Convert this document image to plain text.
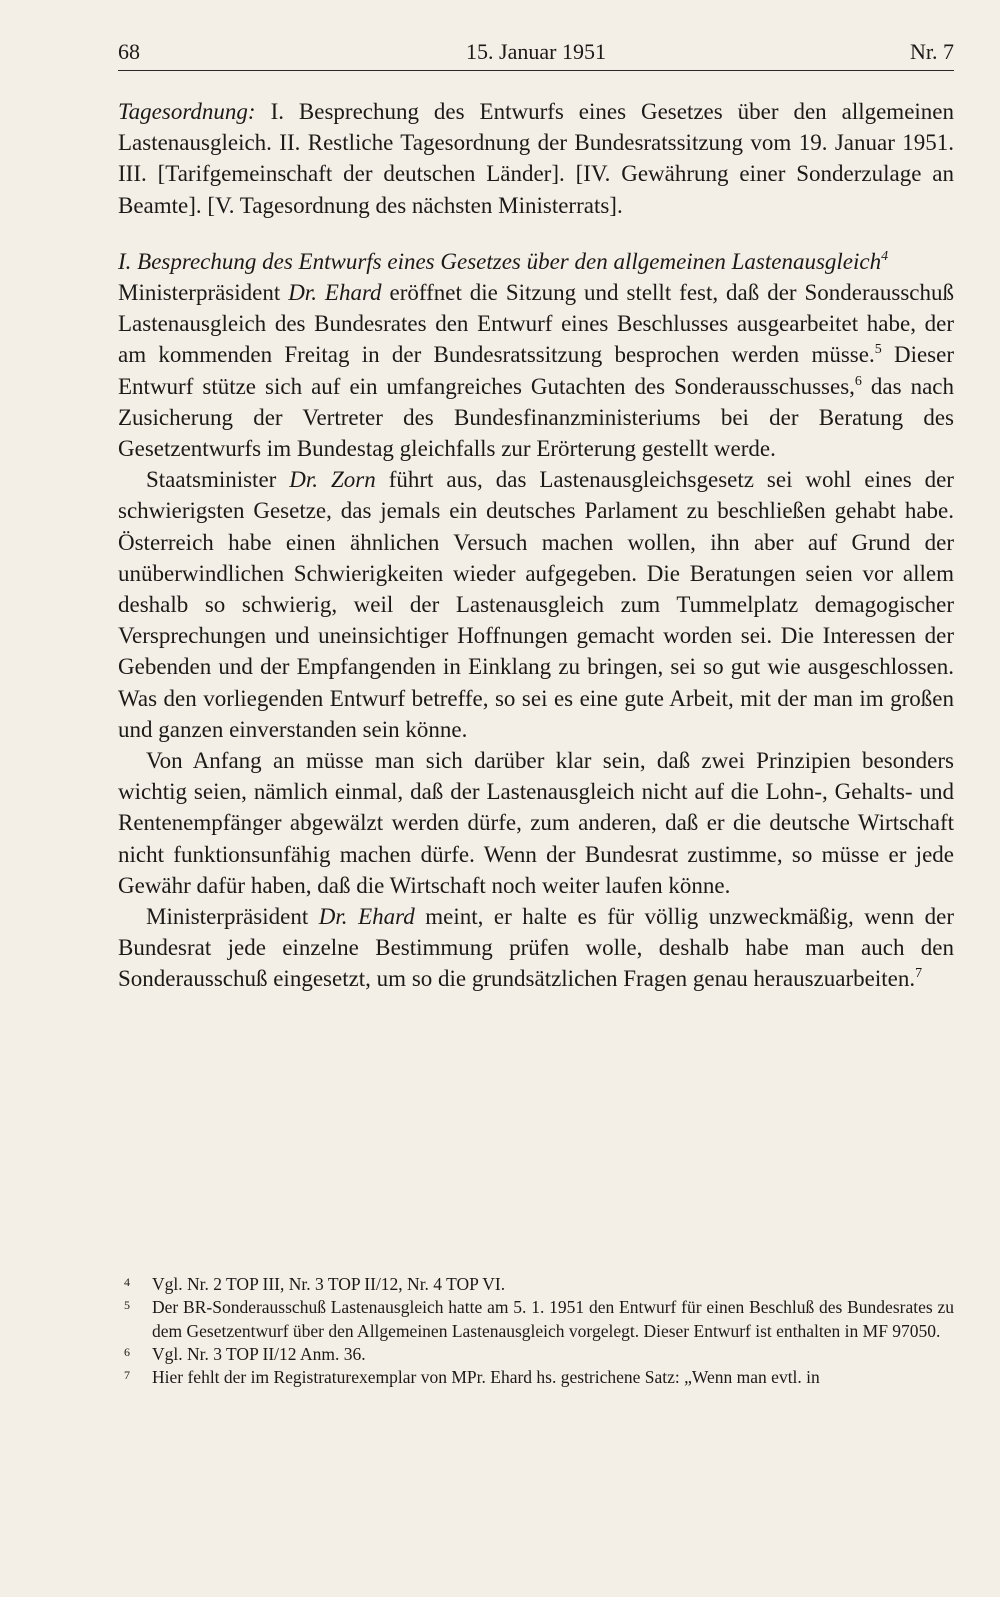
68	15. Januar 1951	Nr. 7

Tagesordnung: I. Besprechung des Entwurfs eines Gesetzes über den allgemeinen Lastenausgleich. II. Restliche Tagesordnung der Bundesratssitzung vom 19. Januar 1951. III. [Tarifgemeinschaft der deutschen Länder]. [IV. Gewährung einer Sonderzulage an Beamte]. [V. Tagesordnung des nächsten Ministerrats].

I. Besprechung des Entwurfs eines Gesetzes über den allgemeinen Lastenausgleich$^4$

Ministerpräsident Dr. Ehard eröffnet die Sitzung und stellt fest, daß der Sonderausschuß Lastenausgleich des Bundesrates den Entwurf eines Beschlusses ausgearbeitet habe, der am kommenden Freitag in der Bundesratssitzung besprochen werden müsse.$^5$ Dieser Entwurf stütze sich auf ein umfangreiches Gutachten des Sonderausschusses,$^6$ das nach Zusicherung der Vertreter des Bundesfinanzministeriums bei der Beratung des Gesetzentwurfs im Bundestag gleichfalls zur Erörterung gestellt werde.

Staatsminister Dr. Zorn führt aus, das Lastenausgleichsgesetz sei wohl eines der schwierigsten Gesetze, das jemals ein deutsches Parlament zu beschließen gehabt habe. Österreich habe einen ähnlichen Versuch machen wollen, ihn aber auf Grund der unüberwindlichen Schwierigkeiten wieder aufgegeben. Die Beratungen seien vor allem deshalb so schwierig, weil der Lastenausgleich zum Tummelplatz demagogischer Versprechungen und uneinsichtiger Hoffnungen gemacht worden sei. Die Interessen der Gebenden und der Empfangenden in Einklang zu bringen, sei so gut wie ausgeschlossen. Was den vorliegenden Entwurf betreffe, so sei es eine gute Arbeit, mit der man im großen und ganzen einverstanden sein könne.

Von Anfang an müsse man sich darüber klar sein, daß zwei Prinzipien besonders wichtig seien, nämlich einmal, daß der Lastenausgleich nicht auf die Lohn-, Gehalts- und Rentenempfänger abgewälzt werden dürfe, zum anderen, daß er die deutsche Wirtschaft nicht funktionsunfähig machen dürfe. Wenn der Bundesrat zustimme, so müsse er jede Gewähr dafür haben, daß die Wirtschaft noch weiter laufen könne.

Ministerpräsident Dr. Ehard meint, er halte es für völlig unzweckmäßig, wenn der Bundesrat jede einzelne Bestimmung prüfen wolle, deshalb habe man auch den Sonderausschuß eingesetzt, um so die grundsätzlichen Fragen genau herauszuarbeiten.$^7$

4 Vgl. Nr. 2 TOP III, Nr. 3 TOP II/12, Nr. 4 TOP VI.
5 Der BR-Sonderausschuß Lastenausgleich hatte am 5. 1. 1951 den Entwurf für einen Beschluß des Bundesrates zu dem Gesetzentwurf über den Allgemeinen Lastenausgleich vorgelegt. Dieser Entwurf ist enthalten in MF 97050.
6 Vgl. Nr. 3 TOP II/12 Anm. 36.
7 Hier fehlt der im Registraturexemplar von MPr. Ehard hs. gestrichene Satz: „Wenn man evtl. in
